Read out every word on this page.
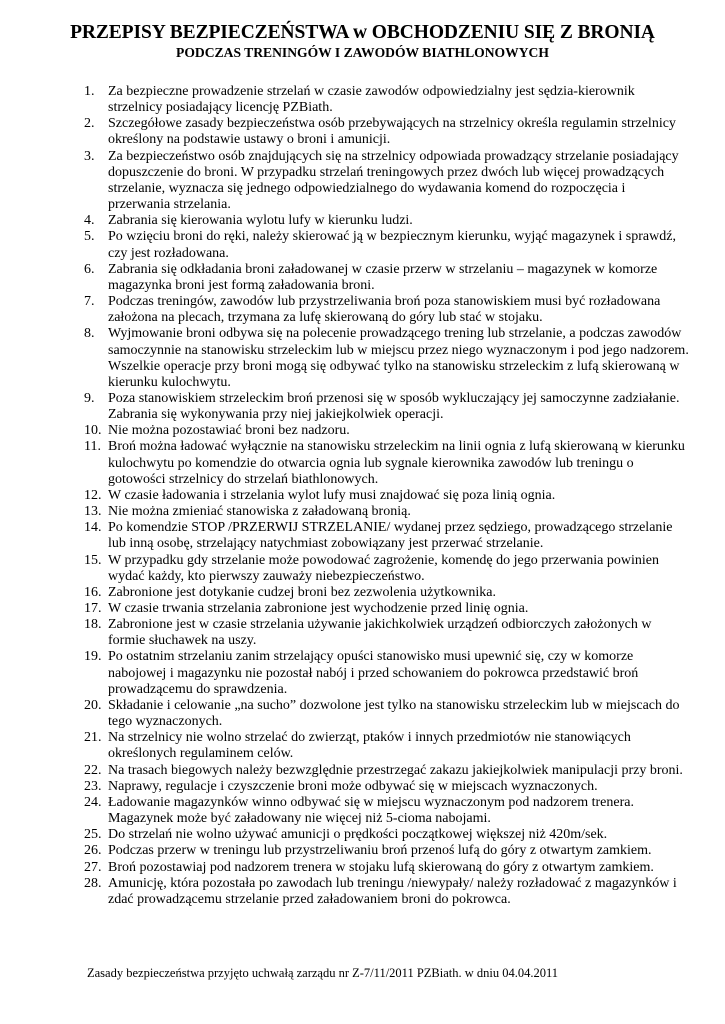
PRZEPISY BEZPIECZEŃSTWA w OBCHODZENIU SIĘ Z BRONIĄ
PODCZAS TRENINGÓW I ZAWODÓW BIATHLONOWYCH
1. Za bezpieczne prowadzenie strzelań w czasie zawodów odpowiedzialny jest sędzia-kierownik strzelnicy posiadający licencję PZBiath.
2. Szczegółowe zasady bezpieczeństwa osób przebywających na strzelnicy określa regulamin strzelnicy określony na podstawie ustawy o broni i amunicji.
3. Za bezpieczeństwo osób znajdujących się na strzelnicy odpowiada prowadzący strzelanie posiadający dopuszczenie do broni. W przypadku strzelań treningowych przez dwóch lub więcej prowadzących strzelanie, wyznacza się jednego odpowiedzialnego do wydawania komend do rozpoczęcia i przerwania strzelania.
4. Zabrania się kierowania wylotu lufy w kierunku ludzi.
5. Po wzięciu broni do ręki, należy skierować ją w bezpiecznym kierunku, wyjąć magazynek i sprawdź, czy jest rozładowana.
6. Zabrania się odkładania broni załadowanej w czasie przerw w strzelaniu – magazynek w komorze magazynka broni jest formą załadowania broni.
7. Podczas treningów, zawodów lub przystrzeliwania broń poza stanowiskiem musi być rozładowana założona na plecach, trzymana za lufę skierowaną do góry lub stać w stojaku.
8. Wyjmowanie broni odbywa się na polecenie prowadzącego trening lub strzelanie, a podczas zawodów samoczynnie na stanowisku strzeleckim lub w miejscu przez niego wyznaczonym i pod jego nadzorem. Wszelkie operacje przy broni mogą się odbywać tylko na stanowisku strzeleckim z lufą skierowaną w kierunku kulochwytu.
9. Poza stanowiskiem strzeleckim broń przenosi się w sposób wykluczający jej samoczynne zadziałanie. Zabrania się wykonywania przy niej jakiejkolwiek operacji.
10. Nie można pozostawiać broni bez nadzoru.
11. Broń można ładować wyłącznie na stanowisku strzeleckim na linii ognia z lufą skierowaną w kierunku kulochwytu po komendzie do otwarcia ognia lub sygnale kierownika zawodów lub treningu o gotowości strzelnicy do strzelań biathlonowych.
12. W czasie ładowania i strzelania wylot lufy musi znajdować się poza linią ognia.
13. Nie można zmieniać stanowiska z załadowaną bronią.
14. Po komendzie STOP /PRZERWIJ STRZELANIE/ wydanej przez sędziego, prowadzącego strzelanie lub inną osobę, strzelający natychmiast zobowiązany jest przerwać strzelanie.
15. W przypadku gdy strzelanie może powodować zagrożenie, komendę do jego przerwania powinien wydać każdy, kto pierwszy zauważy niebezpieczeństwo.
16. Zabronione jest dotykanie cudzej broni bez zezwolenia użytkownika.
17. W czasie trwania strzelania zabronione jest wychodzenie przed linię ognia.
18. Zabronione jest w czasie strzelania używanie jakichkolwiek urządzeń odbiorczych założonych w formie słuchawek na uszy.
19. Po ostatnim strzelaniu zanim strzelający opuści stanowisko musi upewnić się, czy w komorze nabojowej i magazynku nie pozostał nabój i przed schowaniem do pokrowca przedstawić broń prowadzącemu do sprawdzenia.
20. Składanie i celowanie „na sucho” dozwolone jest tylko na stanowisku strzeleckim lub w miejscach do tego wyznaczonych.
21. Na strzelnicy nie wolno strzelać do zwierząt, ptaków i innych przedmiotów nie stanowiących określonych regulaminem celów.
22. Na trasach biegowych należy bezwzględnie przestrzegać zakazu jakiejkolwiek manipulacji przy broni.
23. Naprawy, regulacje i czyszczenie broni może odbywać się w miejscach wyznaczonych.
24. Ładowanie magazynków winno odbywać się w miejscu wyznaczonym pod nadzorem trenera. Magazynek może być załadowany nie więcej niż 5-cioma nabojami.
25. Do strzelań nie wolno używać amunicji o prędkości początkowej większej niż 420m/sek.
26. Podczas przerw w treningu lub przystrzeliwaniu broń przenoś lufą do góry z otwartym zamkiem.
27. Broń pozostawiaj pod nadzorem trenera w stojaku lufą skierowaną do góry z otwartym zamkiem.
28. Amunicję, która pozostała po zawodach lub treningu /niewypały/ należy rozładować z magazynków i zdać prowadzącemu strzelanie przed załadowaniem broni do pokrowca.
Zasady bezpieczeństwa przyjęto uchwałą zarządu nr Z-7/11/2011 PZBiath. w dniu 04.04.2011
